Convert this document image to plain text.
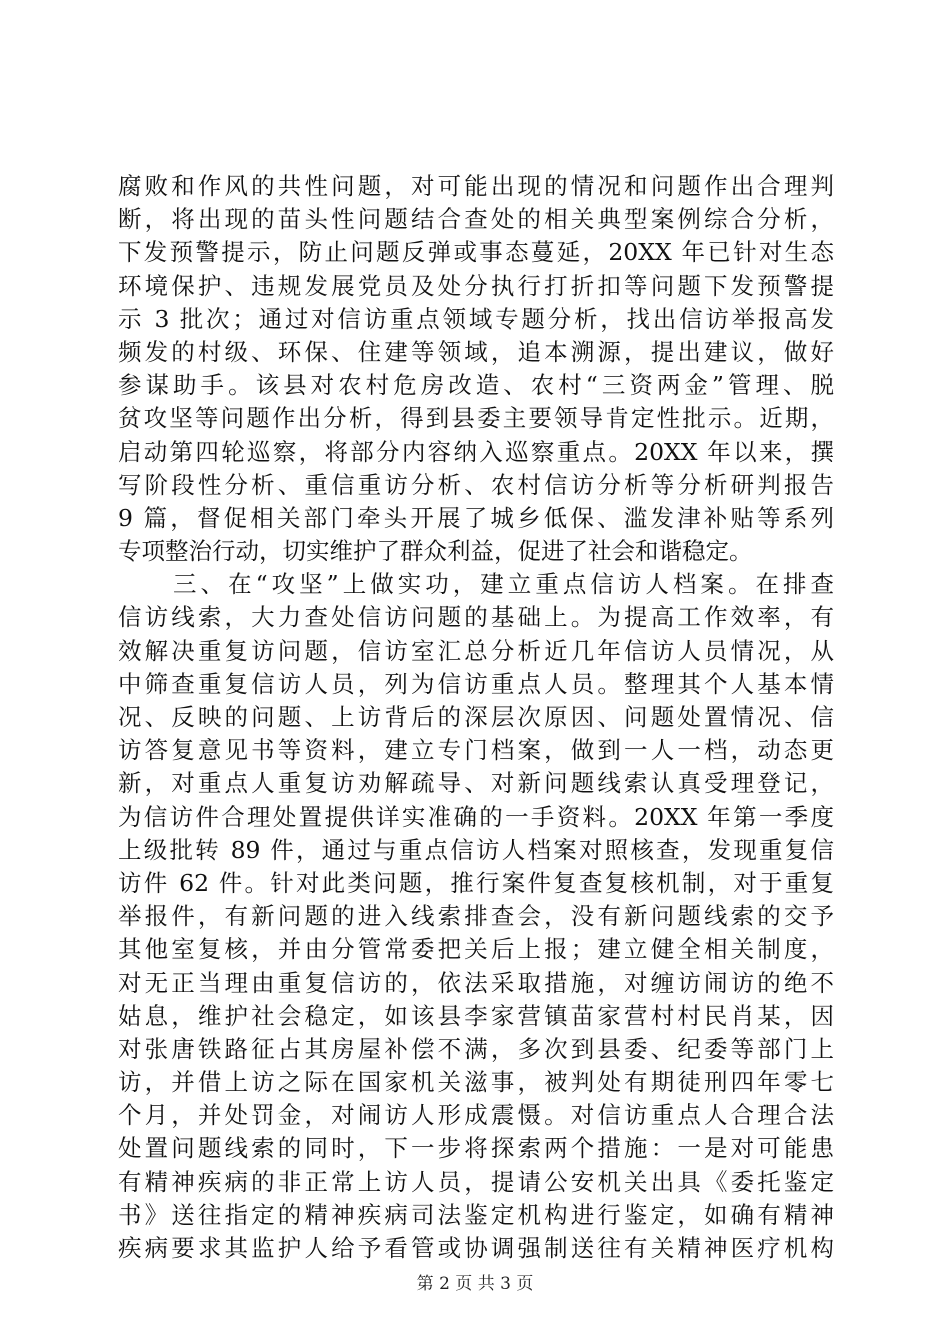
腐败和作风的共性问题，对可能出现的情况和问题作出合理判
断，将出现的苗头性问题结合查处的相关典型案例综合分析，
下发预警提示，防止问题反弹或事态蔓延，20XX 年已针对生态
环境保护、违规发展党员及处分执行打折扣等问题下发预警提
示 3 批次；通过对信访重点领域专题分析，找出信访举报高发
频发的村级、环保、住建等领域，追本溯源，提出建议，做好
参谋助手。该县对农村危房改造、农村“三资两金”管理、脱
贫攻坚等问题作出分析，得到县委主要领导肯定性批示。近期，
启动第四轮巡察，将部分内容纳入巡察重点。20XX 年以来，撰
写阶段性分析、重信重访分析、农村信访分析等分析研判报告
9 篇，督促相关部门牵头开展了城乡低保、滥发津补贴等系列
专项整治行动，切实维护了群众利益，促进了社会和谐稳定。
　　三、在“攻坚”上做实功，建立重点信访人档案。在排查
信访线索，大力查处信访问题的基础上。为提高工作效率，有
效解决重复访问题，信访室汇总分析近几年信访人员情况，从
中筛查重复信访人员，列为信访重点人员。整理其个人基本情
况、反映的问题、上访背后的深层次原因、问题处置情况、信
访答复意见书等资料，建立专门档案，做到一人一档，动态更
新，对重点人重复访劝解疏导、对新问题线索认真受理登记，
为信访件合理处置提供详实准确的一手资料。20XX 年第一季度
上级批转 89 件，通过与重点信访人档案对照核查，发现重复信
访件 62 件。针对此类问题，推行案件复查复核机制，对于重复
举报件，有新问题的进入线索排查会，没有新问题线索的交予
其他室复核，并由分管常委把关后上报；建立健全相关制度，
对无正当理由重复信访的，依法采取措施，对缠访闹访的绝不
姑息，维护社会稳定，如该县李家营镇苗家营村村民肖某，因
对张唐铁路征占其房屋补偿不满，多次到县委、纪委等部门上
访，并借上访之际在国家机关滋事，被判处有期徒刑四年零七
个月，并处罚金，对闹访人形成震慑。对信访重点人合理合法
处置问题线索的同时，下一步将探索两个措施：一是对可能患
有精神疾病的非正常上访人员，提请公安机关出具《委托鉴定
书》送往指定的精神疾病司法鉴定机构进行鉴定，如确有精神
疾病要求其监护人给予看管或协调强制送往有关精神医疗机构
第 2 页 共 3 页
